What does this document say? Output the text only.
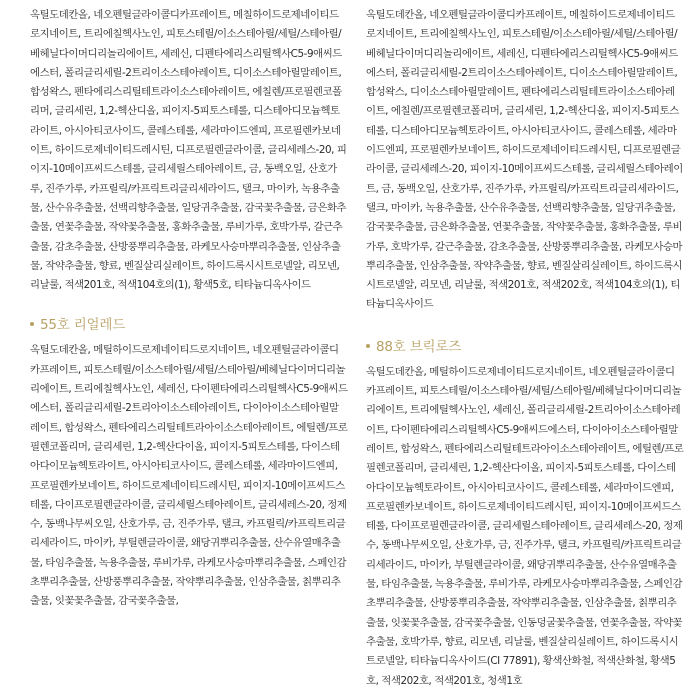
옥틸도데칸올, 네오펜틸글라이콜디카프레이트, 메칠하이드로제네이티드로지네이트, 트리에칠헥사노인, 피토스테릴/이소스테아릴/세틸/스테아릴/베헤닐다이머디리놀리에이트, 세레신, 디펜타에리스리틸헥사C5-9애씨드에스터, 폴리글리세릴-2트리이소스테아레이트, 디이소스테아릴말레이트, 합성왁스, 펜타에리스리틸테트라이소스테아레이트, 에칠렌/프로필렌코폴리머, 글리세린, 1,2-헥산디올, 피이지-5피토스테롤, 디스테아디모늄헥토라이트, 아시아티코사이드, 콜레스테롤, 세라마이드엔피, 프로필렌카보네이트, 하이드로제네이티드레시틴, 디프로필렌글라이콜, 글리세레스-20, 피이지-10메이프씨드스테롤, 글리세릴스테아레이트, 금, 동백오일, 산호가루, 진주가루, 카프릴릭/카프릭트리글리세라이드, 탤크, 마이카, 녹용추출물, 산수유추출물, 선백리향추출물, 일당귀추출물, 감국꽃추출물, 금은화추출물, 연꽃추출물, 작약꽃추출물, 홍화추출물, 루비가루, 호박가루, 갈근추출물, 감초추출물, 산방풍뿌리추출물, 라케모사승마뿌리추출물, 인삼추출물, 작약추출물, 향료, 벤질살리실레이트, 하이드록시시트로넬알, 리모넨, 리날룰, 적색201호, 적색104호의(1), 황색5호, 티타늄디옥사이드

55호 리얼레드

옥틸도데칸올, 메틸하이드로제네이티드로지네이트, 네오펜틸글라이콜디카프레이트, 피토스테릴/이소스테아릴/세틸/스테아릴/베헤닐다이머디리놀리에이트, 트리에칠헥사노인, 세레신, 다이펜타에리스리틸헥사C5-9애씨드에스터, 폴리글리세릴-2트리아이소스테아레이트, 다이아이소스테아릴말레이트, 합성왁스, 펜타에리스리틸테트라아이소스테아레이트, 에틸렌/프로필렌코폴리머, 글리세린, 1,2-헥산다이올, 피이지-5피토스테롤, 다이스테아다이모늄헥토라이트, 아시아티코사이드, 콜레스테롤, 세라마이드엔피, 프로필렌카보네이트, 하이드로제네이티드레시틴, 피이지-10메이프씨드스테롤, 다이프로필렌글라이콜, 글리세릴스테아레이트, 글리세레스-20, 정제수, 동백나무씨오일, 산호가루, 금, 진주가루, 탤크, 카프릴릭/카프릭트리글리세라이드, 마이카, 부틸렌글라이콜, 왜당귀뿌리추출물, 산수유열매추출물, 타임추출물, 녹용추출물, 루비가루, 라케모사승마뿌리추출물, 스페인감초뿌리추출물, 산방풍뿌리추출물, 작약뿌리추출물, 인삼추출물, 칡뿌리추출물, 잇꽃꽃추출물, 감국꽃추출물,

옥틸도데칸올, 네오펜틸글라이콜디카프레이트, 메칠하이드로제네이티드로지네이트, 트리에칠헥사노인, 피토스테릴/이소스테아릴/세틸/스테아릴/베헤닐다이머디리놀리에이트, 세레신, 디펜타에리스리틸헥사C5-9애씨드에스터, 폴리글리세릴-2트리이소스테아레이트, 디이소스테아릴말레이트, 합성왁스, 디이소스테아릴말레이트, 펜타에리스리틸테트라이소스테아레이트, 에칠렌/프로필렌코폴리머, 글리세린, 1,2-헥산디올, 피이지-5피토스테롤, 디스테아디모늄헥토라이트, 아시아티코사이드, 콜레스테롤, 세라마이드엔피, 프로필렌카보네이트, 하이드로제네이티드레시틴, 디프로필렌글라이콜, 글리세레스-20, 피이지-10메이프씨드스테롤, 글리세릴스테아레이트, 금, 동백오일, 산호가루, 진주가루, 카프릴릭/카프릭트리글리세라이드, 탤크, 마이카, 녹용추출물, 산수유추출물, 선백리향추출물, 일당귀추출물, 감국꽃추출물, 금은화추출물, 연꽃추출물, 작약꽃추출물, 홍화추출물, 루비가루, 호박가루, 갈근추출물, 감초추출물, 산방풍뿌리추출물, 라케모사승마뿌리추출물, 인삼추출물, 작약추출물, 향료, 벤질살리실레이트, 하이드록시시트로넬알, 리모넨, 리날룰, 적색201호, 적색202호, 적색104호의(1), 티타늄디옥사이드

88호 브릭로즈

옥틸도데칸올, 메틸하이드로제네이티드로지네이트, 네오펜틸글라이콜디카프레이트, 피토스테릴/이소스테아릴/세틸/스테아릴/베헤닐다이머디리놀리에이트, 트리에틸헥사노인, 세레신, 폴리글리세릴-2트리아이소스테아레이트, 다이펜타에리스리틸헥사C5-9애씨드에스터, 다이아이소스테아릴말레이트, 합성왁스, 펜타에리스리틸테트라아이소스테아레이트, 에틸렌/프로필렌코폴리머, 글리세린, 1,2-헥산다이올, 피이지-5피토스테롤, 다이스테아다이모늄헥토라이트, 아시아티코사이드, 콜레스테롤, 세라마이드엔피, 프로필렌카보네이트, 하이드로제네이티드레시틴, 피이지-10메이프씨드스테롤, 다이프로필렌글라이콜, 글리세릴스테아레이트, 글리세레스-20, 정제수, 동백나무씨오일, 산호가루, 금, 진주가루, 탤크, 카프릴릭/카프릭트리글리세라이드, 마이카, 부틸렌글라이콜, 왜당귀뿌리추출물, 산수유열매추출물, 타임추출물, 녹용추출물, 루비가루, 라케모사승마뿌리추출물, 스페인감초뿌리추출물, 산방풍뿌리추출물, 작약뿌리추출물, 인삼추출물, 칡뿌리추출물, 잇꽃꽃추출물, 감국꽃추출물, 인동덩굴꽃추출물, 연꽃추출물, 작약꽃추출물, 호박가루, 향료, 리모넨, 리날룰, 벤질살리실레이트, 하이드록시시트로넬알, 티타늄디옥사이드(CI 77891), 황색산화철, 적색산화철, 황색5호, 적색202호, 적색201호, 청색1호
